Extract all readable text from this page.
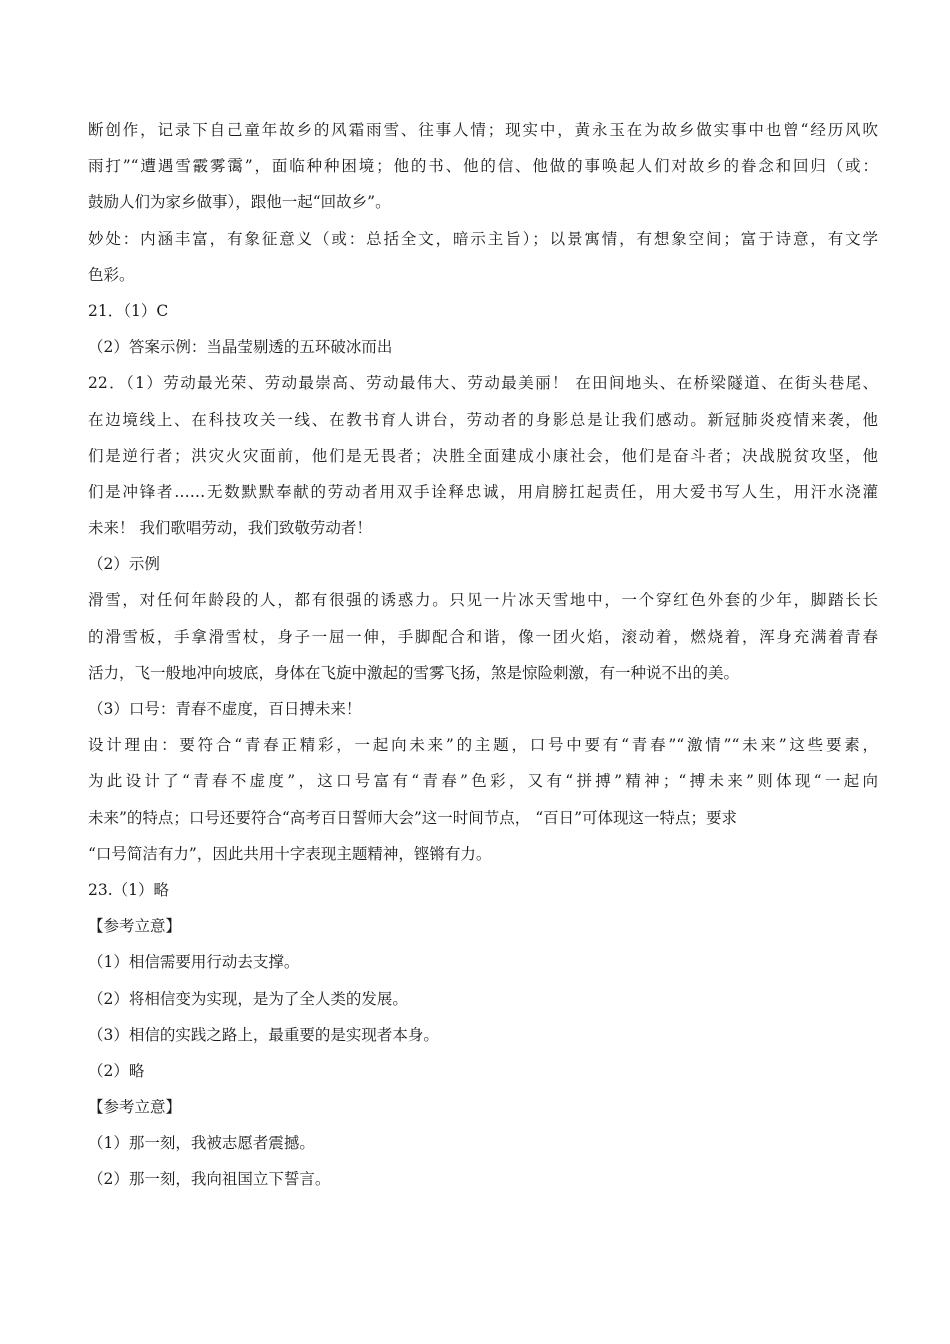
断创作，记录下自己童年故乡的风霜雨雪、往事人情；现实中，黄永玉在为故乡做实事中也曾“经历风吹
雨打”“遭遇雪霰雾霭”，面临种种困境；他的书、他的信、他做的事唤起人们对故乡的眷念和回归（或：
鼓励人们为家乡做事），跟他一起“回故乡”。
妙处：内涵丰富，有象征意义（或：总括全文，暗示主旨）；以景寓情，有想象空间；富于诗意，有文学
色彩。
21．（1）C
（2）答案示例：当晶莹剔透的五环破冰而出
22．（1）劳动最光荣、劳动最崇高、劳动最伟大、劳动最美丽！ 在田间地头、在桥梁隧道、在街头巷尾、
在边境线上、在科技攻关一线、在教书育人讲台，劳动者的身影总是让我们感动。新冠肺炎疫情来袭，他
们是逆行者；洪灾火灾面前，他们是无畏者；决胜全面建成小康社会，他们是奋斗者；决战脱贫攻坚，他
们是冲锋者……无数默默奉献的劳动者用双手诠释忠诚，用肩膀扛起责任，用大爱书写人生，用汗水浇灌
未来！ 我们歌唱劳动，我们致敬劳动者！
（2）示例
滑雪，对任何年龄段的人，都有很强的诱惑力。只见一片冰天雪地中，一个穿红色外套的少年，脚踏长长
的滑雪板，手拿滑雪杖，身子一屈一伸，手脚配合和谐，像一团火焰，滚动着，燃烧着，浑身充满着青春
活力，飞一般地冲向坡底，身体在飞旋中激起的雪雾飞扬，煞是惊险刺激，有一种说不出的美。
（3）口号：青春不虚度，百日搏未来！
设计理由：要符合“青春正精彩，一起向未来”的主题，口号中要有“青春”“激情”“未来”这些要素，
为此设计了“青春不虚度”，这口号富有“青春”色彩，又有“拼搏”精神；“搏未来”则体现“一起向
未来”的特点；口号还要符合“高考百日誓师大会”这一时间节点， “百日”可体现这一特点；要求
“口号简洁有力”，因此共用十字表现主题精神，铿锵有力。
23.（1）略
【参考立意】
（1）相信需要用行动去支撑。
（2）将相信变为实现，是为了全人类的发展。
（3）相信的实践之路上，最重要的是实现者本身。
（2）略
【参考立意】
（1）那一刻，我被志愿者震撼。
（2）那一刻，我向祖国立下誓言。
